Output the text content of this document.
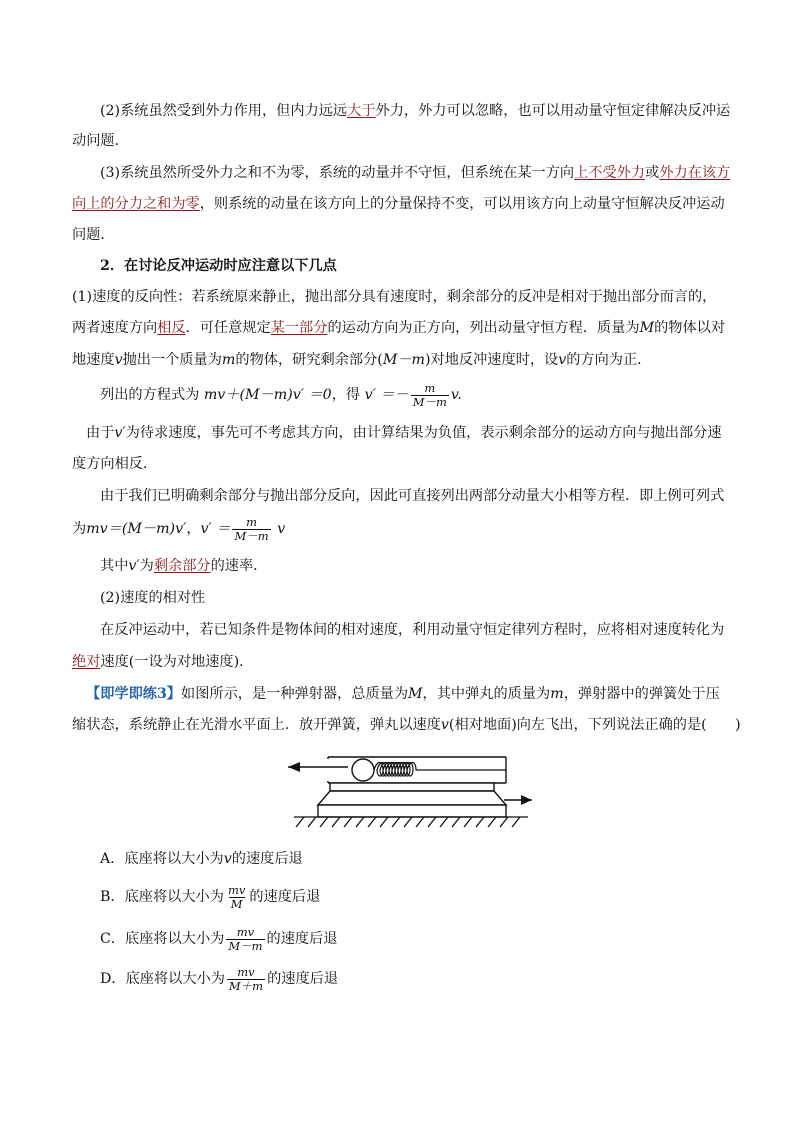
(2)系统虽然受到外力作用，但内力远远大于外力，外力可以忽略，也可以用动量守恒定律解决反冲运
动问题．
(3)系统虽然所受外力之和不为零，系统的动量并不守恒，但系统在某一方向上不受外力或外力在该方
向上的分力之和为零，则系统的动量在该方向上的分量保持不变，可以用该方向上动量守恒解决反冲运动
问题．
2．在讨论反冲运动时应注意以下几点
(1)速度的反向性：若系统原来静止，抛出部分具有速度时，剩余部分的反冲是相对于抛出部分而言的，
两者速度方向相反．可任意规定某一部分的运动方向为正方向，列出动量守恒方程．质量为M的物体以对
地速度v抛出一个质量为m的物体，研究剩余部分(M－m)对地反冲速度时，设v的方向为正．
列出的方程式为 mv＋(M－m)v′ ＝0，得 $v' =- \frac{m}{M-m} v$.
由于v′为待求速度，事先可不考虑其方向，由计算结果为负值，表示剩余部分的运动方向与抛出部分速
度方向相反．
由于我们已明确剩余部分与抛出部分反向，因此可直接列出两部分动量大小相等方程．即上例可列式
为mv＝(M－m)v′，$v' = \frac{m}{M-m}$ v
其中v′为剩余部分的速率．
(2)速度的相对性
在反冲运动中，若已知条件是物体间的相对速度，利用动量守恒定律列方程时，应将相对速度转化为
绝对速度(一设为对地速度)．
【即学即练3】如图所示，是一种弹射器，总质量为M，其中弹丸的质量为m，弹射器中的弹簧处于压
缩状态，系统静止在光滑水平面上．放开弹簧，弹丸以速度v(相对地面)向左飞出，下列说法正确的是(　　)
A．底座将以大小为v的速度后退
B．底座将以大小为 $\frac{mv}{M}$ 的速度后退
C．底座将以大小为 $\frac{mv}{M-m}$ 的速度后退
D．底座将以大小为 $\frac{mv}{M+m}$ 的速度后退
